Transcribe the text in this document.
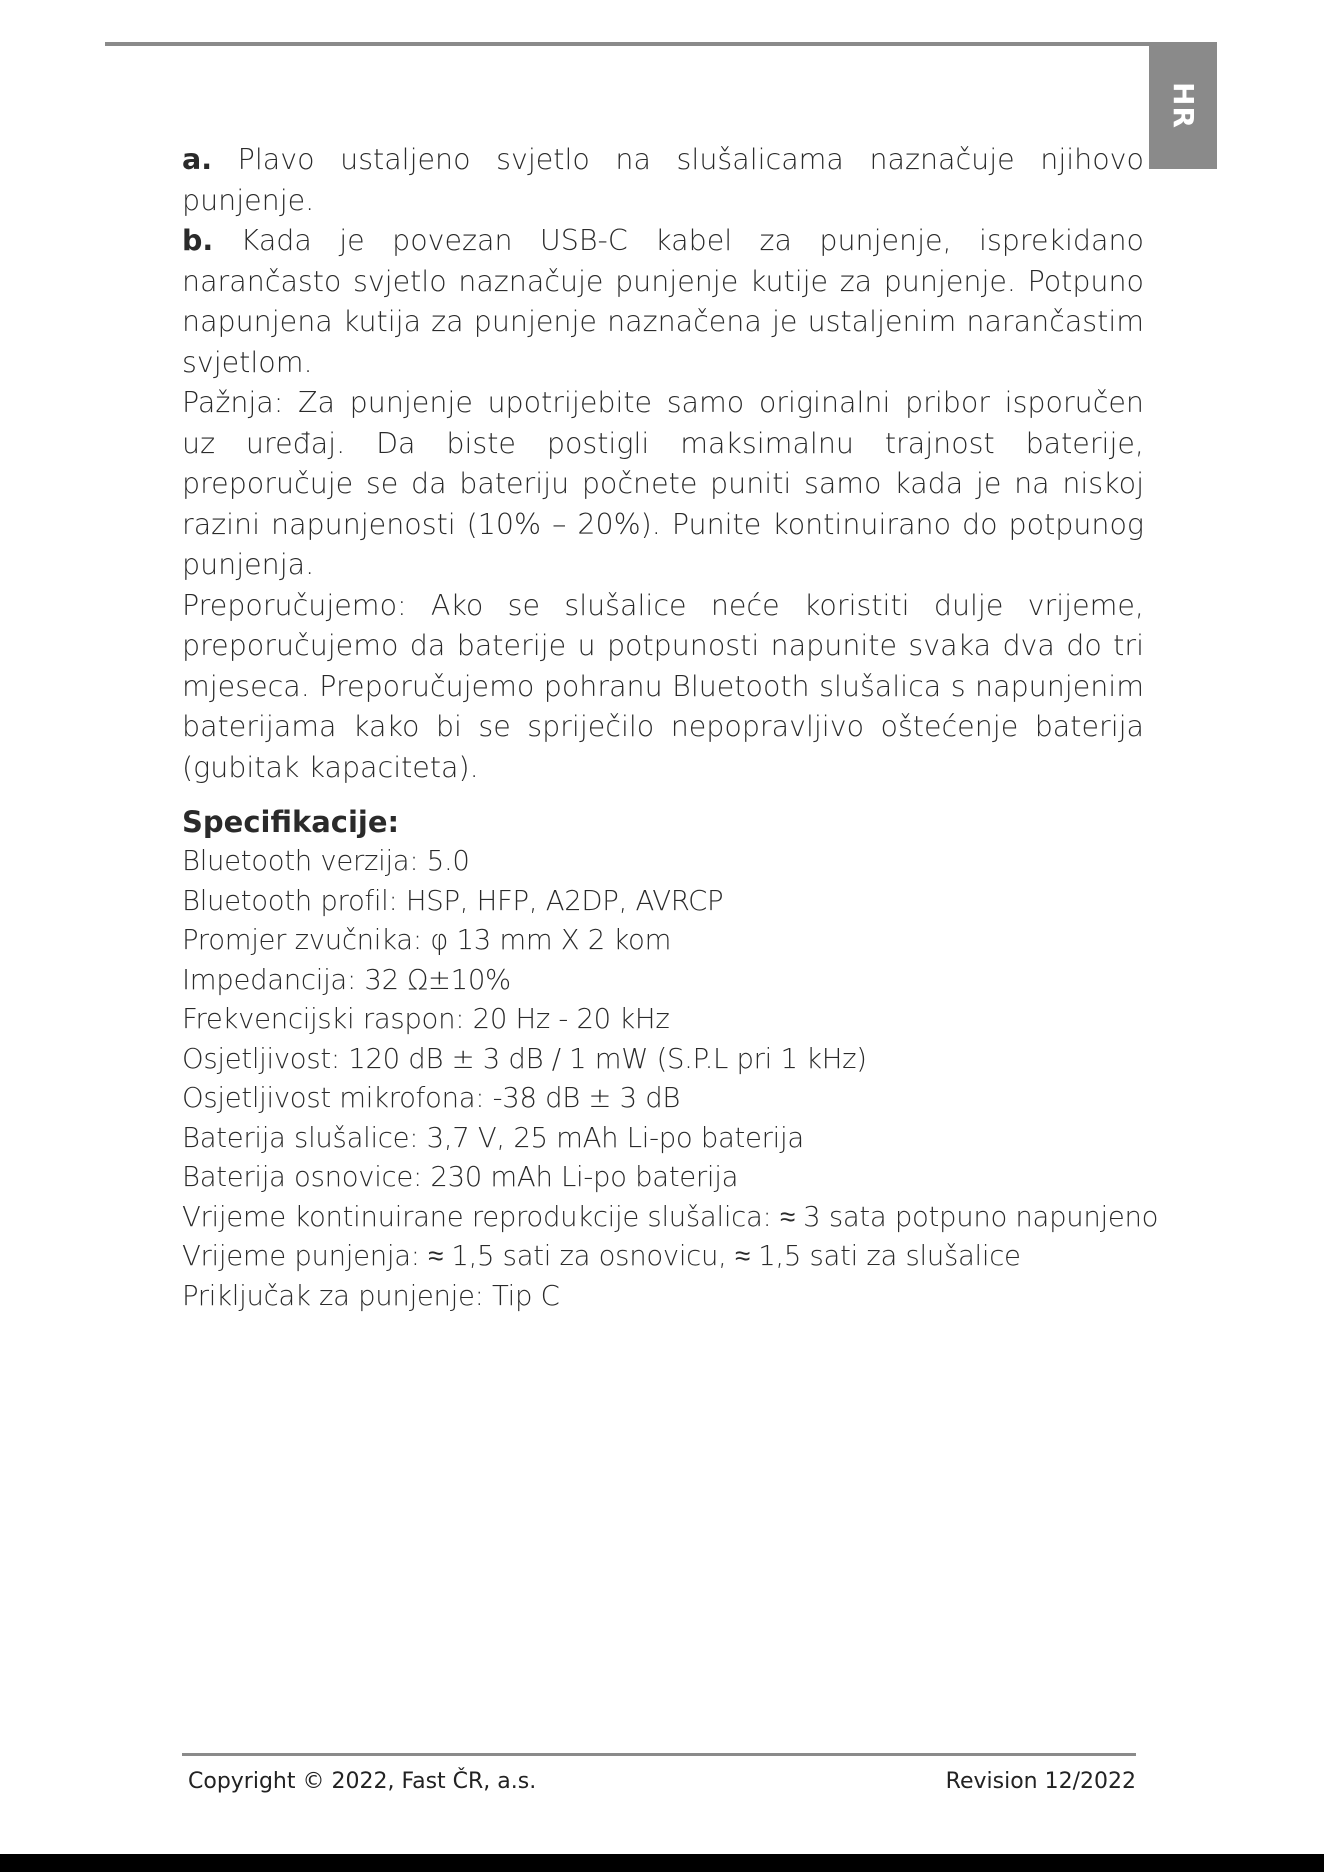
HR

a. Plavo ustaljeno svjetlo na slušalicama naznačuje njihovo punjenje.

b. Kada je povezan USB-C kabel za punjenje, isprekidano narančasto svjetlo naznačuje punjenje kutije za punjenje. Potpuno napunjena kutija za punjenje naznačena je ustaljenim narančastim svjetlom.

Pažnja: Za punjenje upotrijebite samo originalni pribor isporučen uz uređaj. Da biste postigli maksimalnu trajnost baterije, preporučuje se da bateriju počnete puniti samo kada je na niskoj razini napunjenosti (10% – 20%). Punite kontinuirano do potpunog punjenja.

Preporučujemo: Ako se slušalice neće koristiti dulje vrijeme, preporučujemo da baterije u potpunosti napunite svaka dva do tri mjeseca. Preporučujemo pohranu Bluetooth slušalica s napunjenim baterijama kako bi se spriječilo nepopravljivo oštećenje baterija (gubitak kapaciteta).

Specifikacije:
Bluetooth verzija: 5.0
Bluetooth profil: HSP, HFP, A2DP, AVRCP
Promjer zvučnika: φ 13 mm X 2 kom
Impedancija: 32 Ω±10%
Frekvencijski raspon: 20 Hz - 20 kHz
Osjetljivost: 120 dB ± 3 dB / 1 mW (S.P.L pri 1 kHz)
Osjetljivost mikrofona: -38 dB ± 3 dB
Baterija slušalice: 3,7 V, 25 mAh Li-po baterija
Baterija osnovice: 230 mAh Li-po baterija
Vrijeme kontinuirane reprodukcije slušalica: ≈ 3 sata potpuno napunjeno
Vrijeme punjenja: ≈ 1,5 sati za osnovicu, ≈ 1,5 sati za slušalice
Priključak za punjenje: Tip C
Copyright © 2022, Fast ČR, a.s.	Revision 12/2022
